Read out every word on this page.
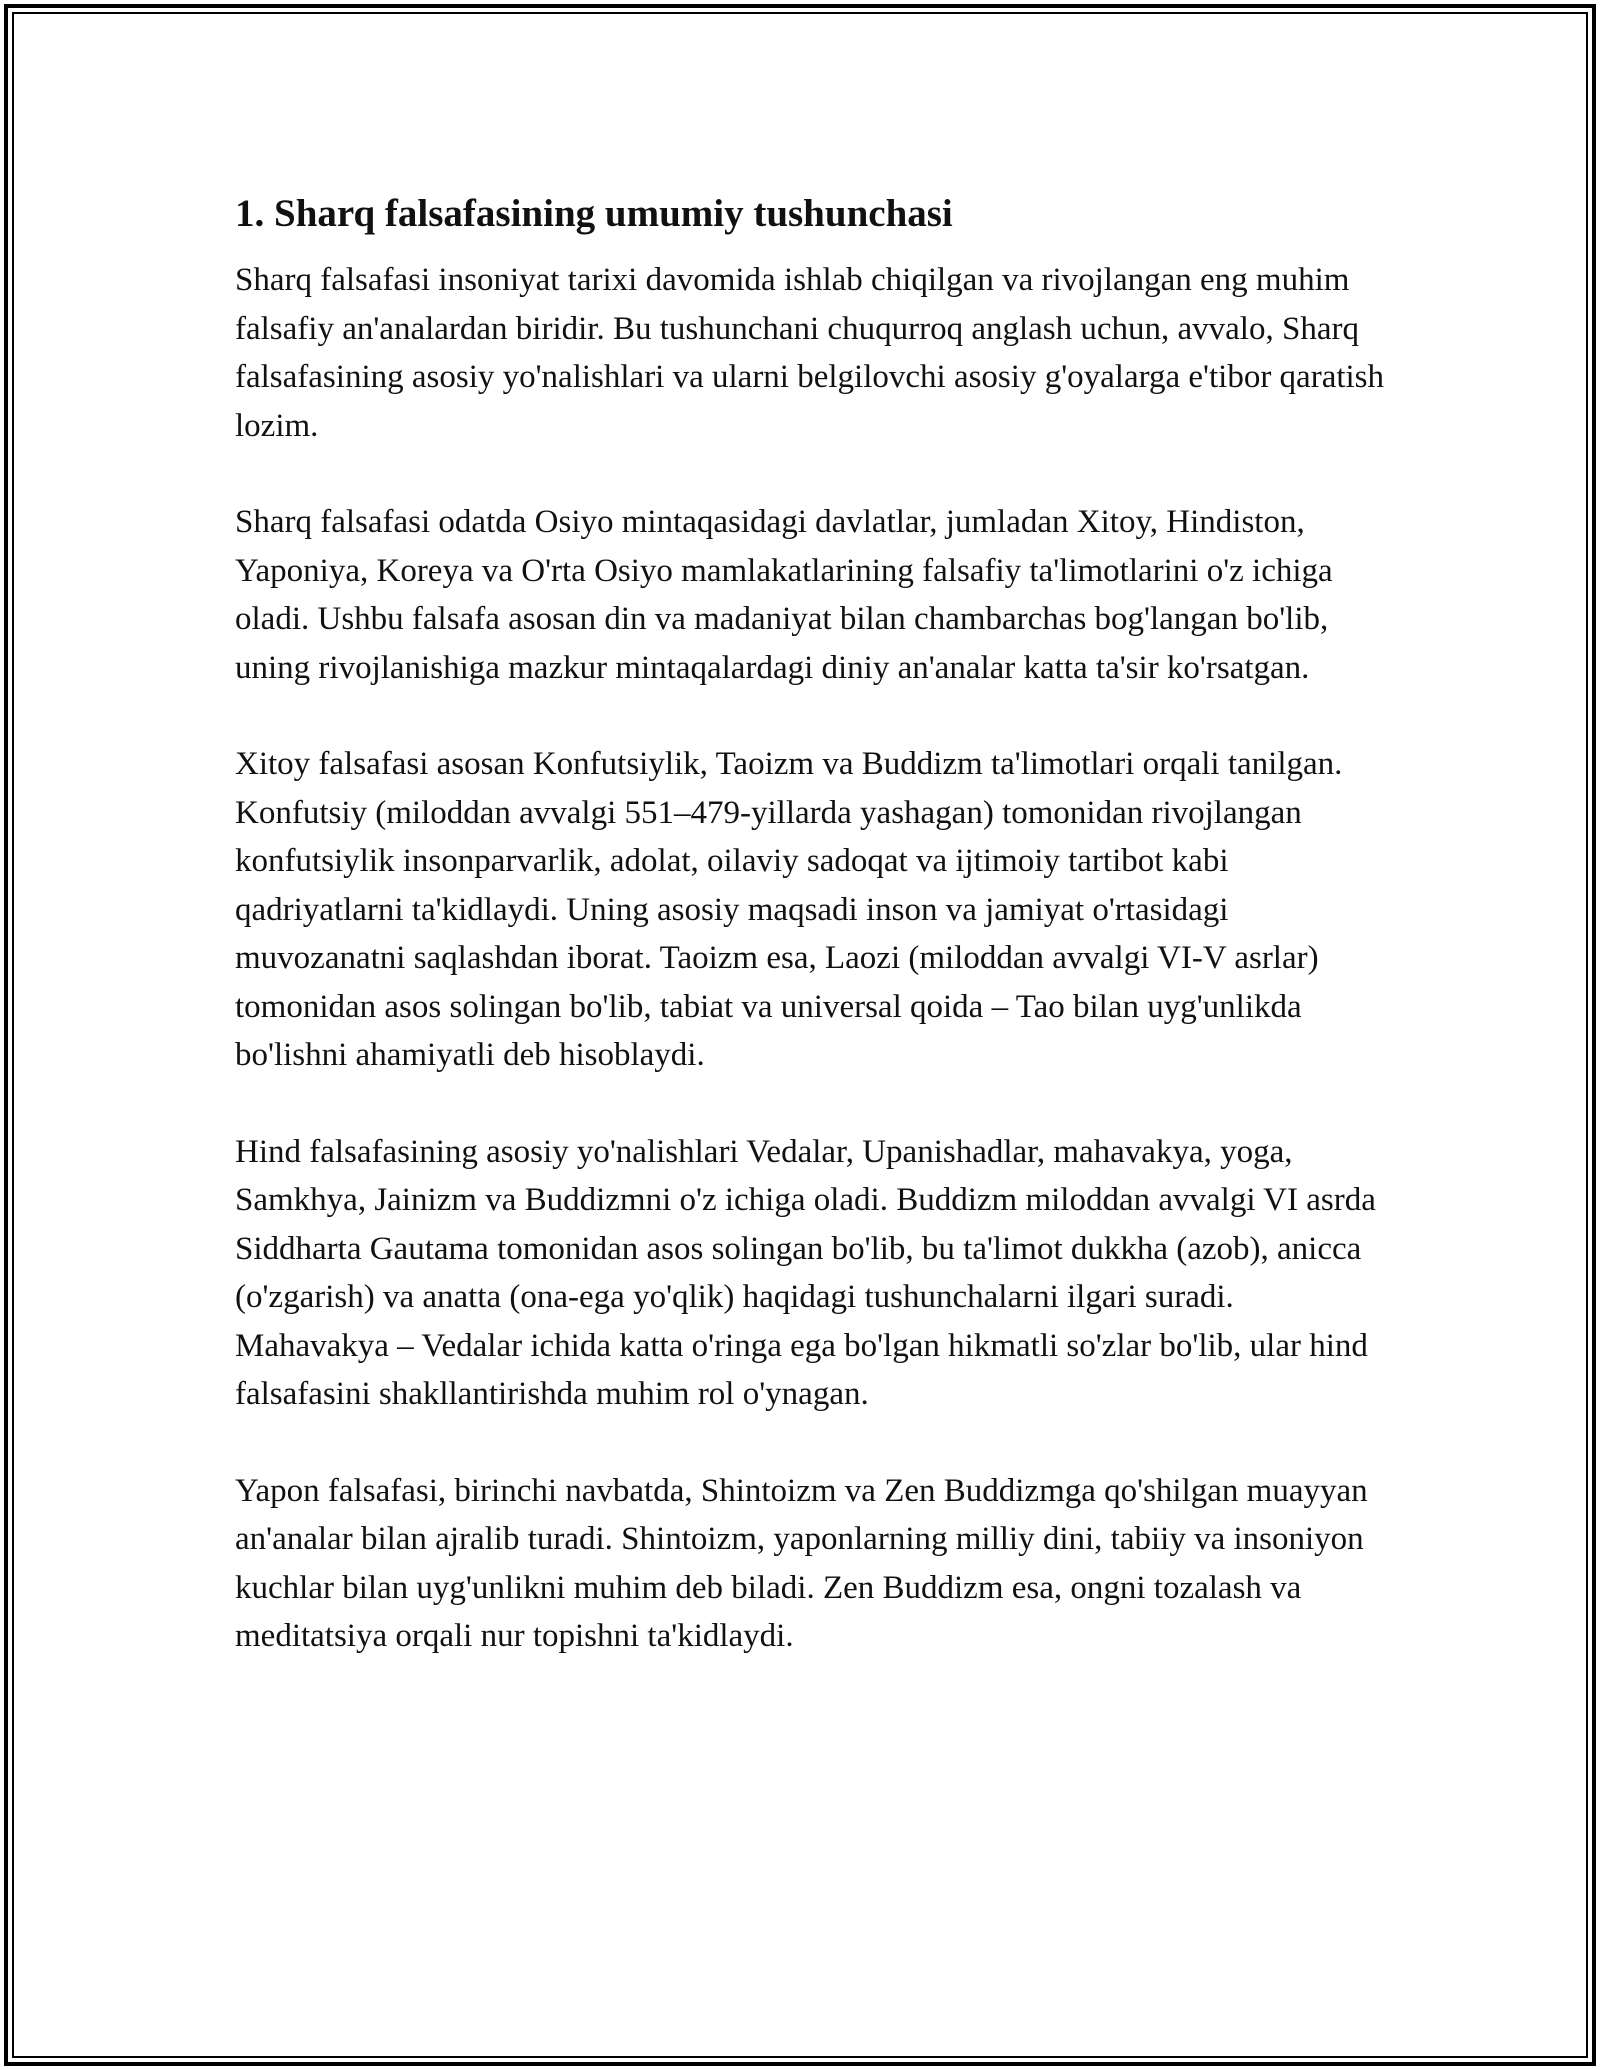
1. Sharq falsafasining umumiy tushunchasi

Sharq falsafasi insoniyat tarixi davomida ishlab chiqilgan va rivojlangan eng muhim falsafiy an'analardan biridir. Bu tushunchani chuqurroq anglash uchun, avvalo, Sharq falsafasining asosiy yo'nalishlari va ularni belgilovchi asosiy g'oyalarga e'tibor qaratish lozim.

Sharq falsafasi odatda Osiyo mintaqasidagi davlatlar, jumladan Xitoy, Hindiston, Yaponiya, Koreya va O'rta Osiyo mamlakatlarining falsafiy ta'limotlarini o'z ichiga oladi. Ushbu falsafa asosan din va madaniyat bilan chambarchas bog'langan bo'lib, uning rivojlanishiga mazkur mintaqalardagi diniy an'analar katta ta'sir ko'rsatgan.

Xitoy falsafasi asosan Konfutsiylik, Taoizm va Buddizm ta'limotlari orqali tanilgan. Konfutsiy (miloddan avvalgi 551–479-yillarda yashagan) tomonidan rivojlangan konfutsiylik insonparvarlik, adolat, oilaviy sadoqat va ijtimoiy tartibot kabi qadriyatlarni ta'kidlaydi. Uning asosiy maqsadi inson va jamiyat o'rtasidagi muvozanatni saqlashdan iborat. Taoizm esa, Laozi (miloddan avvalgi VI-V asrlar) tomonidan asos solingan bo'lib, tabiat va universal qoida – Tao bilan uyg'unlikda bo'lishni ahamiyatli deb hisoblaydi.

Hind falsafasining asosiy yo'nalishlari Vedalar, Upanishadlar, mahavakya, yoga, Samkhya, Jainizm va Buddizmni o'z ichiga oladi. Buddizm miloddan avvalgi VI asrda Siddharta Gautama tomonidan asos solingan bo'lib, bu ta'limot dukkha (azob), anicca (o'zgarish) va anatta (ona-ega yo'qlik) haqidagi tushunchalarni ilgari suradi. Mahavakya – Vedalar ichida katta o'ringa ega bo'lgan hikmatli so'zlar bo'lib, ular hind falsafasini shakllantirishda muhim rol o'ynagan.

Yapon falsafasi, birinchi navbatda, Shintoizm va Zen Buddizmga qo'shilgan muayyan an'analar bilan ajralib turadi. Shintoizm, yaponlarning milliy dini, tabiiy va insoniyon kuchlar bilan uyg'unlikni muhim deb biladi. Zen Buddizm esa, ongni tozalash va meditatsiya orqali nur topishni ta'kidlaydi.
